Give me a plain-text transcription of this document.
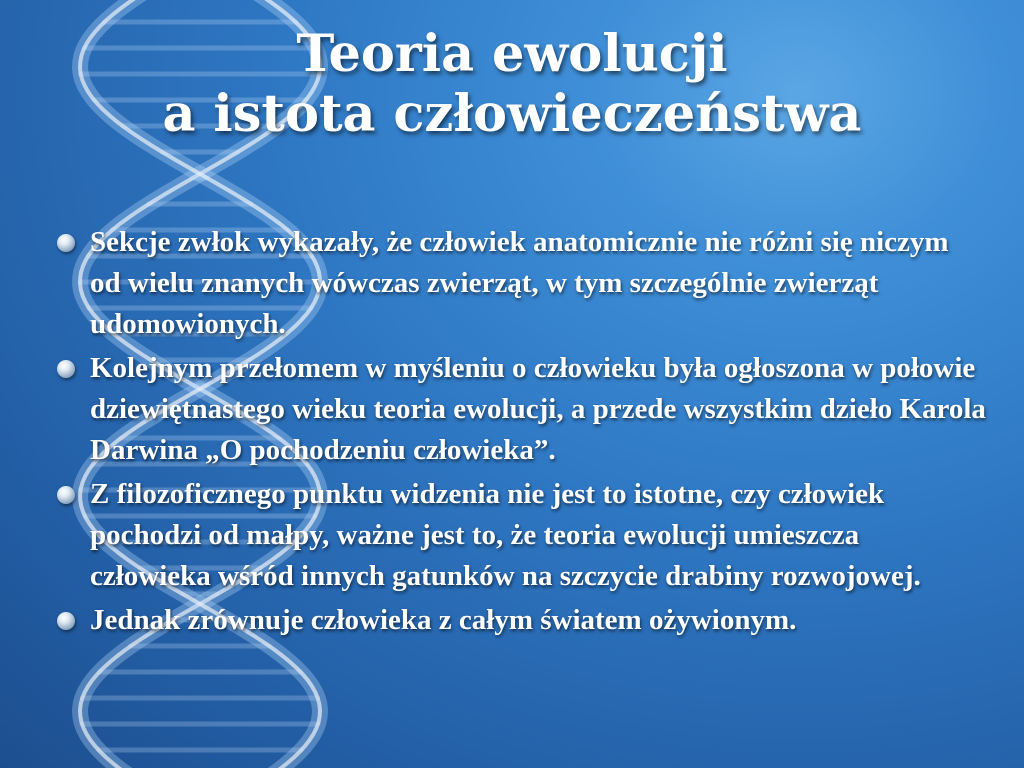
Teoria ewolucji
a istota człowieczeństwa
Sekcje zwłok wykazały, że człowiek anatomicznie nie różni się niczym od wielu znanych wówczas zwierząt, w tym szczególnie zwierząt udomowionych.
Kolejnym przełomem w myśleniu o człowieku była ogłoszona w połowie dziewiętnastego wieku teoria ewolucji, a przede wszystkim dzieło Karola Darwina „O pochodzeniu człowieka”.
Z filozoficznego punktu widzenia nie jest to istotne, czy człowiek pochodzi od małpy, ważne jest to, że teoria ewolucji umieszcza człowieka wśród innych gatunków na szczycie drabiny rozwojowej.
Jednak zrównuje człowieka z całym światem ożywionym.
